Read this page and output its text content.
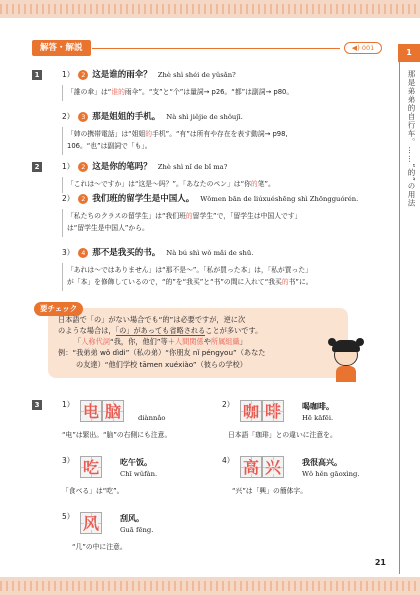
1
那是弟弟的自行车。……“的”の用法
解答・解説	◀) 001
1	1） 2 这是谁的雨伞？ Zhè shì shéi de yǔsǎn?
「誰の傘」は“谁的雨伞”。“支”と“个”は量詞→ p26。“都”は副詞→ p80。
2） 3 那是姐姐的手机。 Nà shì jiějie de shǒujī.
「姉の携帯電話」は“姐姐的手机”。“有”は所有や存在を表す動詞→ p98,
106。“也”は副詞で「も」。
2	1） 2 这是你的笔吗？ Zhè shì nǐ de bǐ ma?
「これは～ですか」は“这是～吗？”。「あなたのペン」は“你的笔”。
2） 2 我们班的留学生是中国人。 Wǒmen bān de liúxuéshēng shì Zhōngguórén.
「私たちのクラスの留学生」は“我们班的留学生”で，「留学生は中国人です」
は“留学生是中国人”から。
3） 4 那不是我买的书。 Nà bú shì wǒ mǎi de shū.
「あれは～ではありません」は“那不是～”。「私が買った本」は，「私が買った」
が「本」を修飾しているので，“的”を“我买”と“书”の間に入れて“我买的书”に。
要チェック
日本語で「の」がない場合でも“的”は必要ですが，逆に次
のような場合は，「の」があっても省略されることが多いです。
「人称代詞“我，你，他们”等＋人間関係や所属組織」
例：“我弟弟 wǒ dìdi”（私の弟）“你朋友 nǐ péngyou”（あなた
の友達）“他们学校 tāmen xuéxiào”（彼らの学校）
3	1） 电 脑	diànnǎo
“电”は繁出。“脑”の右側にも注意。
2） 咖 啡	喝咖啡。
Hē kāfēi.
日本語「珈琲」との違いに注意を。
3） 吃	吃午饭。
Chī wǔfàn.
「食べる」は“吃”。
4） 高 兴	我很高兴。
Wǒ hěn gāoxìng.
“兴”は「興」の簡体字。
5） 风	刮风。
Guā fēng.
“几”の中に注意。
21
